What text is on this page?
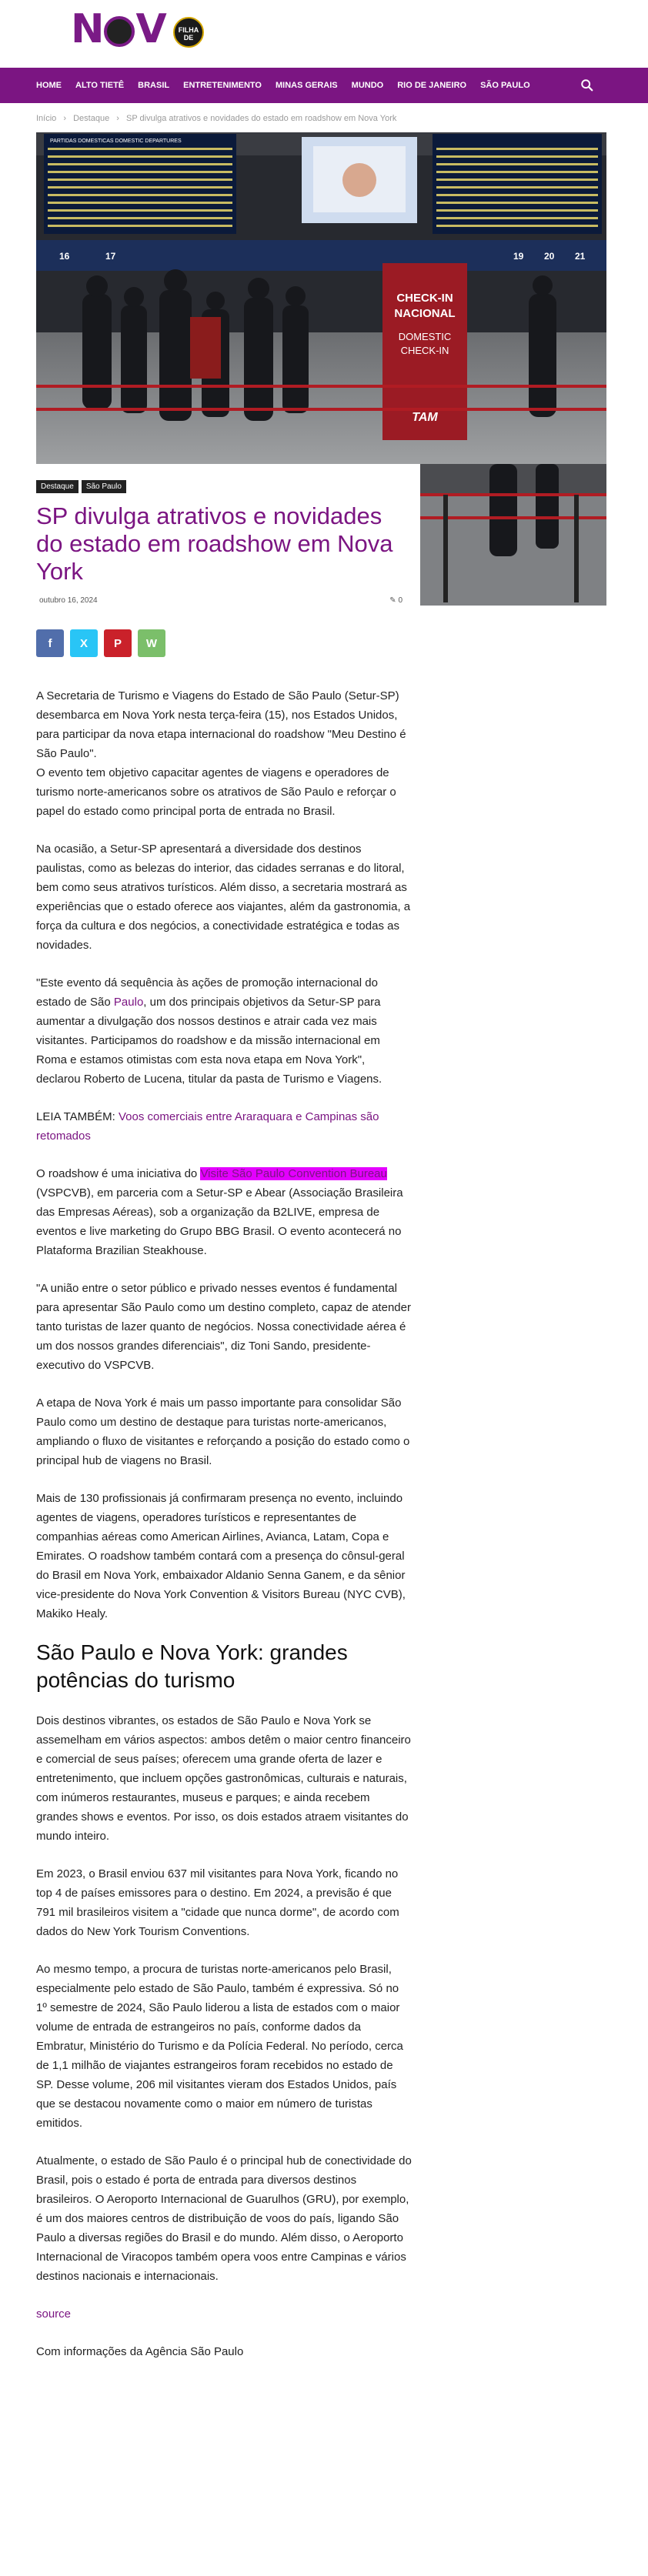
N V	FILHA DE
HOME ALTO TIETÊ BRASIL ENTRETENIMENTO MINAS GERAIS MUNDO RIO DE JANEIRO SÃO PAULO
Início › Destaque › SP divulga atrativos e novidades do estado em roadshow em Nova York
PARTIDAS DOMESTICAS DOMESTIC DEPARTURES
16	17	19 20 21
CHECK-IN
NACIONAL
DOMESTIC
CHECK-IN
TAM
Destaque	São Paulo
SP divulga atrativos e novidades do estado em roadshow em Nova York
outubro 16, 2024	✎ 0
f X P W

A Secretaria de Turismo e Viagens do Estado de São Paulo (Setur-SP) desembarca em Nova York nesta terça-feira (15), nos Estados Unidos, para participar da nova etapa internacional do roadshow "Meu Destino é São Paulo".

O evento tem objetivo capacitar agentes de viagens e operadores de turismo norte-americanos sobre os atrativos de São Paulo e reforçar o papel do estado como principal porta de entrada no Brasil.

Na ocasião, a Setur-SP apresentará a diversidade dos destinos paulistas, como as belezas do interior, das cidades serranas e do litoral, bem como seus atrativos turísticos. Além disso, a secretaria mostrará as experiências que o estado oferece aos viajantes, além da gastronomia, a força da cultura e dos negócios, a conectividade estratégica e todas as novidades.

"Este evento dá sequência às ações de promoção internacional do estado de São Paulo, um dos principais objetivos da Setur-SP para aumentar a divulgação dos nossos destinos e atrair cada vez mais visitantes. Participamos do roadshow e da missão internacional em Roma e estamos otimistas com esta nova etapa em Nova York", declarou Roberto de Lucena, titular da pasta de Turismo e Viagens.

LEIA TAMBÉM: Voos comerciais entre Araraquara e Campinas são retomados

O roadshow é uma iniciativa do Visite São Paulo Convention Bureau (VSPCVB), em parceria com a Setur-SP e Abear (Associação Brasileira das Empresas Aéreas), sob a organização da B2LIVE, empresa de eventos e live marketing do Grupo BBG Brasil. O evento acontecerá no Plataforma Brazilian Steakhouse.

"A união entre o setor público e privado nesses eventos é fundamental para apresentar São Paulo como um destino completo, capaz de atender tanto turistas de lazer quanto de negócios. Nossa conectividade aérea é um dos nossos grandes diferenciais", diz Toni Sando, presidente-executivo do VSPCVB.

A etapa de Nova York é mais um passo importante para consolidar São Paulo como um destino de destaque para turistas norte-americanos, ampliando o fluxo de visitantes e reforçando a posição do estado como o principal hub de viagens no Brasil.

Mais de 130 profissionais já confirmaram presença no evento, incluindo agentes de viagens, operadores turísticos e representantes de companhias aéreas como American Airlines, Avianca, Latam, Copa e Emirates. O roadshow também contará com a presença do cônsul-geral do Brasil em Nova York, embaixador Aldanio Senna Ganem, e da sênior vice-presidente do Nova York Convention & Visitors Bureau (NYC CVB), Makiko Healy.

São Paulo e Nova York: grandes potências do turismo

Dois destinos vibrantes, os estados de São Paulo e Nova York se assemelham em vários aspectos: ambos detêm o maior centro financeiro e comercial de seus países; oferecem uma grande oferta de lazer e entretenimento, que incluem opções gastronômicas, culturais e naturais, com inúmeros restaurantes, museus e parques; e ainda recebem grandes shows e eventos. Por isso, os dois estados atraem visitantes do mundo inteiro.

Em 2023, o Brasil enviou 637 mil visitantes para Nova York, ficando no top 4 de países emissores para o destino. Em 2024, a previsão é que 791 mil brasileiros visitem a "cidade que nunca dorme", de acordo com dados do New York Tourism Conventions.

Ao mesmo tempo, a procura de turistas norte-americanos pelo Brasil, especialmente pelo estado de São Paulo, também é expressiva. Só no 1º semestre de 2024, São Paulo liderou a lista de estados com o maior volume de entrada de estrangeiros no país, conforme dados da Embratur, Ministério do Turismo e da Polícia Federal. No período, cerca de 1,1 milhão de viajantes estrangeiros foram recebidos no estado de SP. Desse volume, 206 mil visitantes vieram dos Estados Unidos, país que se destacou novamente como o maior em número de turistas emitidos.

Atualmente, o estado de São Paulo é o principal hub de conectividade do Brasil, pois o estado é porta de entrada para diversos destinos brasileiros. O Aeroporto Internacional de Guarulhos (GRU), por exemplo, é um dos maiores centros de distribuição de voos do país, ligando São Paulo a diversas regiões do Brasil e do mundo. Além disso, o Aeroporto Internacional de Viracopos também opera voos entre Campinas e vários destinos nacionais e internacionais.

source

Com informações da Agência São Paulo
